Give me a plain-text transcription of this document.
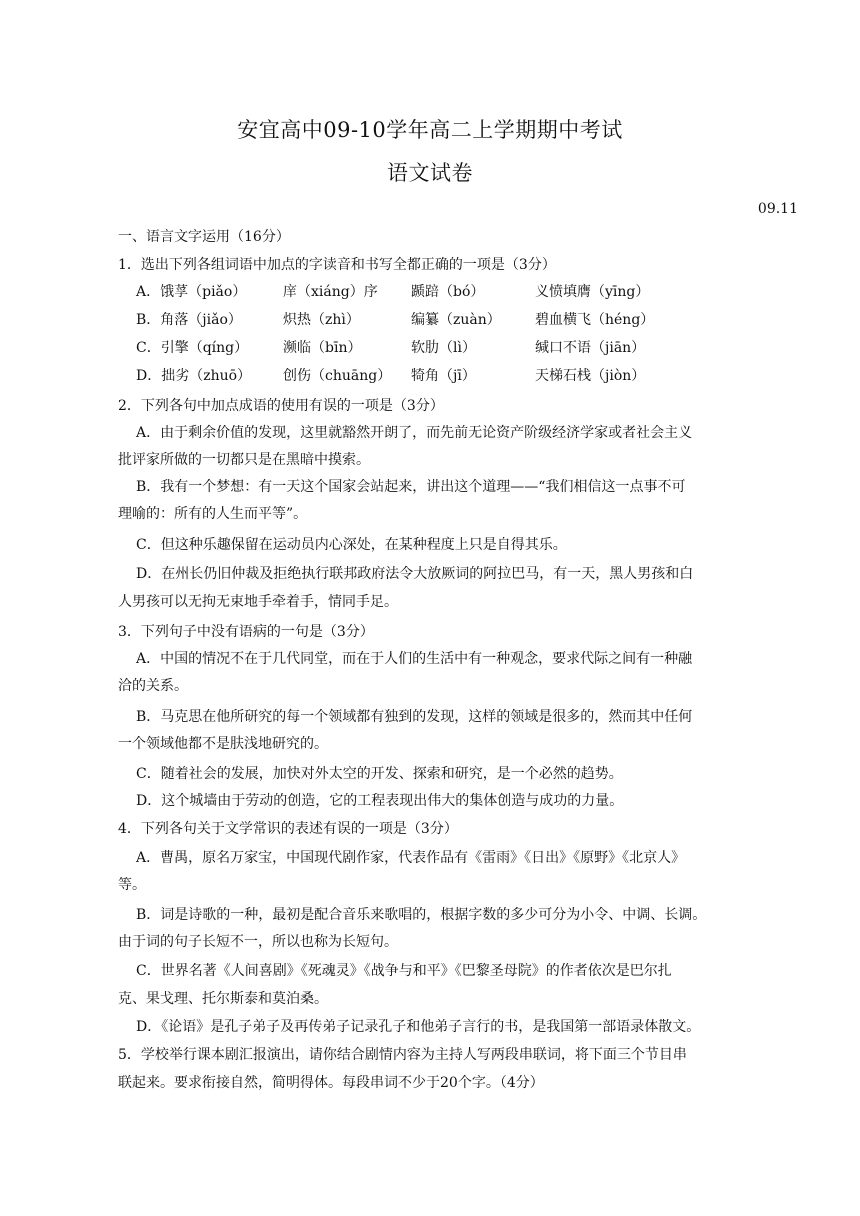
安宜高中09-10学年高二上学期期中考试
语文试卷
09.11
一、语言文字运用（16分）
1．选出下列各组词语中加点的字读音和书写全都正确的一项是（3分）
A．饿莩（piǎo）	庠（xiáng）序 踬踣（bó）	义愤填膺（yīng）
B．角落（jiǎo）	炽热（zhì）	编纂（zuàn） 碧血横飞（héng）
C．引擎（qíng） 濒临（bīn）	软肋（lì）	缄口不语（jiān）
D．拙劣（zhuō） 创伤（chuāng） 犄角（jī）	天梯石栈（jiòn）
2．下列各句中加点成语的使用有误的一项是（3分）
A．由于剩余价值的发现，这里就豁然开朗了，而先前无论资产阶级经济学家或者社会主义
批评家所做的一切都只是在黑暗中摸索。
B．我有一个梦想：有一天这个国家会站起来，讲出这个道理——“我们相信这一点事不可
理喻的：所有的人生而平等”。
C．但这种乐趣保留在运动员内心深处，在某种程度上只是自得其乐。
D．在州长仍旧仲裁及拒绝执行联邦政府法令大放厥词的阿拉巴马，有一天，黑人男孩和白
人男孩可以无拘无束地手牵着手，情同手足。
3．下列句子中没有语病的一句是（3分）
A．中国的情况不在于几代同堂，而在于人们的生活中有一种观念，要求代际之间有一种融
洽的关系。
B．马克思在他所研究的每一个领域都有独到的发现，这样的领域是很多的，然而其中任何
一个领域他都不是肤浅地研究的。
C．随着社会的发展，加快对外太空的开发、探索和研究，是一个必然的趋势。
D．这个城墙由于劳动的创造，它的工程表现出伟大的集体创造与成功的力量。
4．下列各句关于文学常识的表述有误的一项是（3分）
A．曹禺，原名万家宝，中国现代剧作家，代表作品有《雷雨》《日出》《原野》《北京人》
等。
B．词是诗歌的一种，最初是配合音乐来歌唱的，根据字数的多少可分为小令、中调、长调。
由于词的句子长短不一，所以也称为长短句。
C．世界名著《人间喜剧》《死魂灵》《战争与和平》《巴黎圣母院》的作者依次是巴尔扎
克、果戈理、托尔斯泰和莫泊桑。
D．《论语》是孔子弟子及再传弟子记录孔子和他弟子言行的书，是我国第一部语录体散文。
5．学校举行课本剧汇报演出，请你结合剧情内容为主持人写两段串联词，将下面三个节目串
联起来。要求衔接自然，简明得体。每段串词不少于20个字。（4分）
